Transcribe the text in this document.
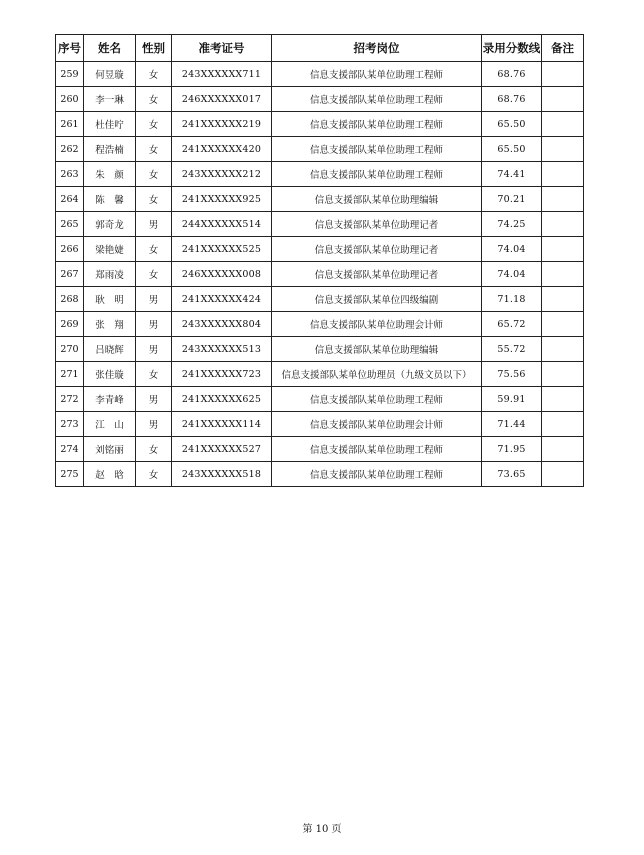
序号	姓名	性别	准考证号	招考岗位	录用分数线	备注
259	何昱璇	女	243XXXXXX711	信息支援部队某单位助理工程师	68.76	
260	李一琳	女	246XXXXXX017	信息支援部队某单位助理工程师	68.76	
261	杜佳咛	女	241XXXXXX219	信息支援部队某单位助理工程师	65.50	
262	程浩楠	女	241XXXXXX420	信息支援部队某单位助理工程师	65.50	
263	朱　颜	女	243XXXXXX212	信息支援部队某单位助理工程师	74.41	
264	陈　馨	女	241XXXXXX925	信息支援部队某单位助理编辑	70.21	
265	郭奇龙	男	244XXXXXX514	信息支援部队某单位助理记者	74.25	
266	梁艳婕	女	241XXXXXX525	信息支援部队某单位助理记者	74.04	
267	郑雨凌	女	246XXXXXX008	信息支援部队某单位助理记者	74.04	
268	耿　明	男	241XXXXXX424	信息支援部队某单位四级编剧	71.18	
269	张　翔	男	243XXXXXX804	信息支援部队某单位助理会计师	65.72	
270	吕晓辉	男	243XXXXXX513	信息支援部队某单位助理编辑	55.72	
271	张佳璇	女	241XXXXXX723	信息支援部队某单位助理员（九级文员以下）	75.56	
272	李青峰	男	241XXXXXX625	信息支援部队某单位助理工程师	59.91	
273	江　山	男	241XXXXXX114	信息支援部队某单位助理会计师	71.44	
274	刘铭丽	女	241XXXXXX527	信息支援部队某单位助理工程师	71.95	
275	赵　晗	女	243XXXXXX518	信息支援部队某单位助理工程师	73.65	
第 10 页
